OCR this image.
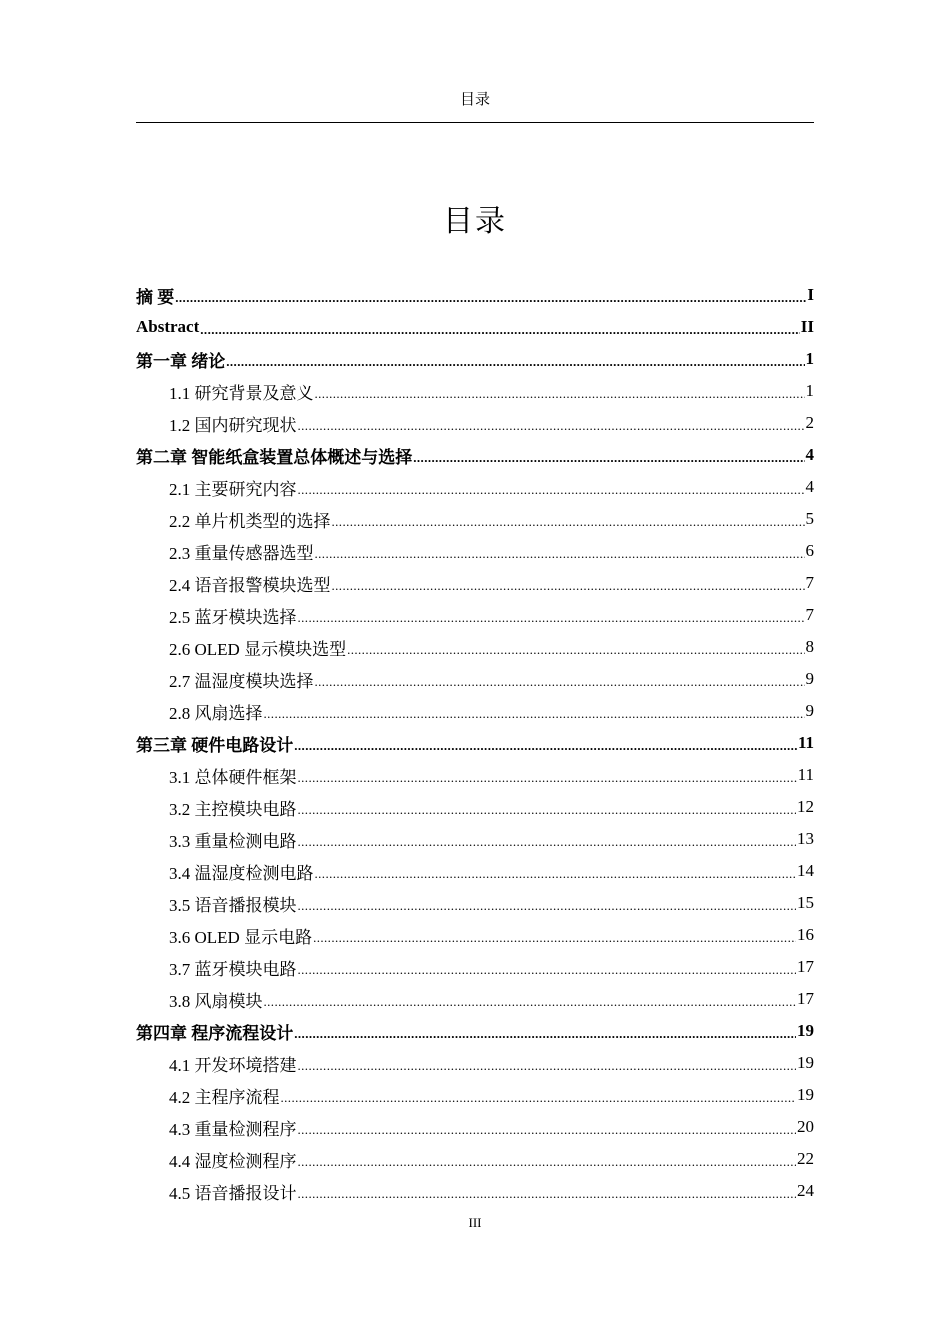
目录
目录
摘 要 .....	I
Abstract .....	II
第一章 绪论 .....	1
1.1 研究背景及意义 .....	1
1.2 国内研究现状 .....	2
第二章 智能纸盒装置总体概述与选择 .....	4
2.1 主要研究内容 .....	4
2.2 单片机类型的选择 .....	5
2.3 重量传感器选型 .....	6
2.4 语音报警模块选型 .....	7
2.5 蓝牙模块选择 .....	7
2.6 OLED 显示模块选型 .....	8
2.7 温湿度模块选择 .....	9
2.8 风扇选择 .....	9
第三章 硬件电路设计 .....	11
3.1 总体硬件框架 .....	11
3.2 主控模块电路 .....	12
3.3 重量检测电路 .....	13
3.4 温湿度检测电路 .....	14
3.5 语音播报模块 .....	15
3.6 OLED 显示电路 .....	16
3.7 蓝牙模块电路 .....	17
3.8 风扇模块 .....	17
第四章 程序流程设计 .....	19
4.1 开发环境搭建 .....	19
4.2 主程序流程 .....	19
4.3 重量检测程序 .....	20
4.4 湿度检测程序 .....	22
4.5 语音播报设计 .....	24
III
